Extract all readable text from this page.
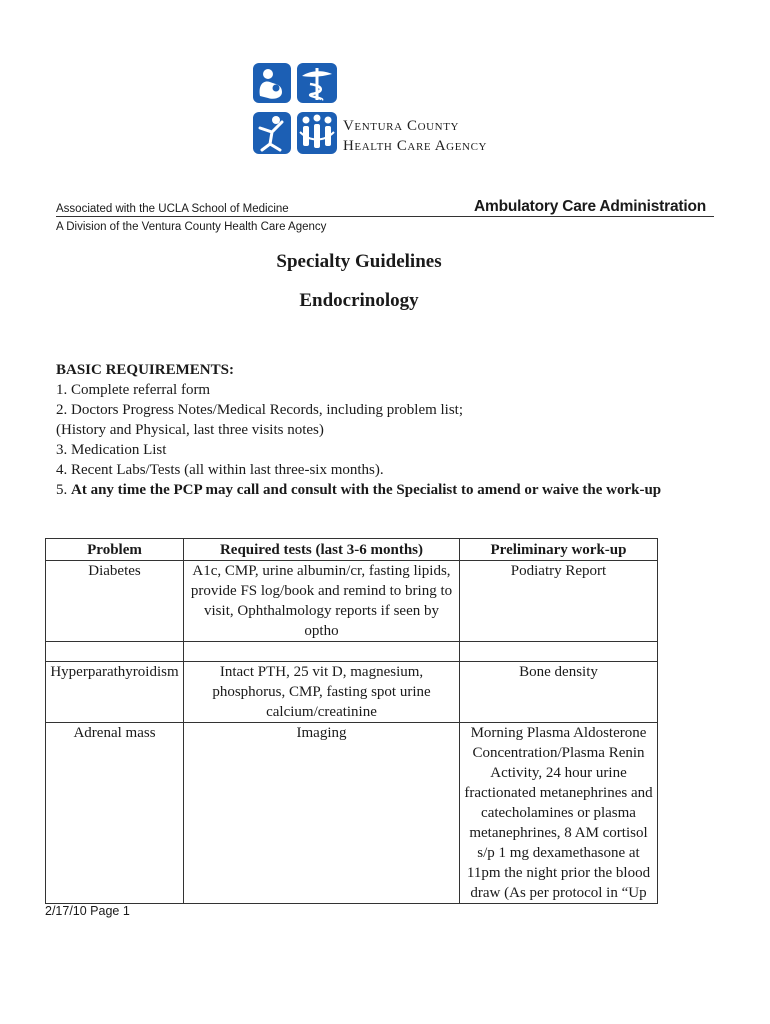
Ventura County
Health Care Agency
Associated with the UCLA School of Medicine	Ambulatory Care Administration
A Division of the Ventura County Health Care Agency
Specialty Guidelines
Endocrinology
BASIC REQUIREMENTS:
1. Complete referral form
2. Doctors Progress Notes/Medical Records, including problem list;
(History and Physical, last three visits notes)
3. Medication List
4. Recent Labs/Tests (all within last three-six months).
5. At any time the PCP may call and consult with the Specialist to amend or waive the work-up
Problem	Required tests (last 3-6 months)	Preliminary work-up
Diabetes	A1c, CMP, urine albumin/cr, fasting lipids, provide FS log/book and remind to bring to visit, Ophthalmology reports if seen by optho	Podiatry Report

Hyperparathyroidism	Intact PTH, 25 vit D, magnesium, phosphorus, CMP, fasting spot urine calcium/creatinine	Bone density
Adrenal mass	Imaging	Morning Plasma Aldosterone Concentration/Plasma Renin Activity, 24 hour urine fractionated metanephrines and catecholamines or plasma metanephrines, 8 AM cortisol s/p 1 mg dexamethasone at 11pm the night prior the blood draw (As per protocol in “Up
2/17/10 Page 1
